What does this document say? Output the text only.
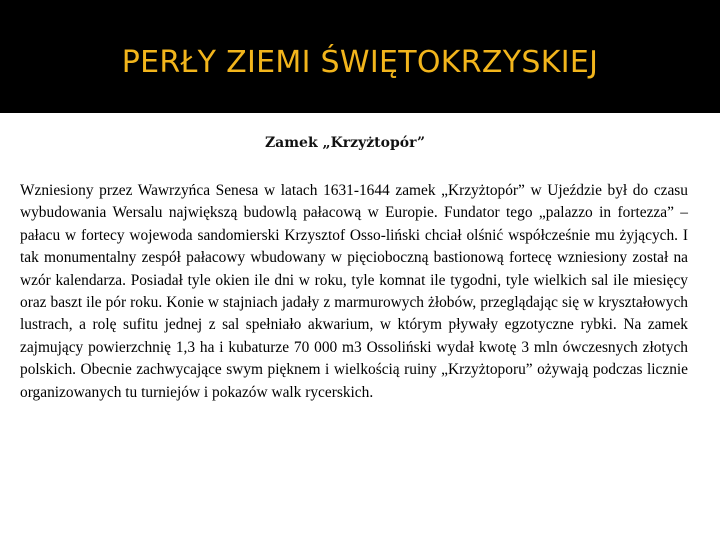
PERŁY ZIEMI ŚWIĘTOKRZYSKIEJ
Zamek „Krzyżtopór”

Wzniesiony przez Wawrzyńca Senesa w latach 1631-1644 zamek „Krzyżtopór” w Ujeździe był do czasu wybudowania Wersalu największą budowlą pałacową w Europie. Fundator tego „palazzo in fortezza” – pałacu w fortecy wojewoda sandomierski Krzysztof Osso-liński chciał olśnić współcześnie mu żyjących. I tak monumentalny zespół pałacowy wbudowany w pięcioboczną bastionową fortecę wzniesiony został na wzór kalendarza. Posiadał tyle okien ile dni w roku, tyle komnat ile tygodni, tyle wielkich sal ile miesięcy oraz baszt ile pór roku. Konie w stajniach jadały z marmurowych żłobów, przeglądając się w kryształowych lustrach, a rolę sufitu jednej z sal spełniało akwarium, w którym pływały egzotyczne rybki. Na zamek zajmujący powierzchnię 1,3 ha i kubaturze 70 000 m3 Ossoliński wydał kwotę 3 mln ówczesnych złotych polskich. Obecnie zachwycające swym pięknem i wielkością ruiny „Krzyżtoporu” ożywają podczas licznie organizowanych tu turniejów i pokazów walk rycerskich.
